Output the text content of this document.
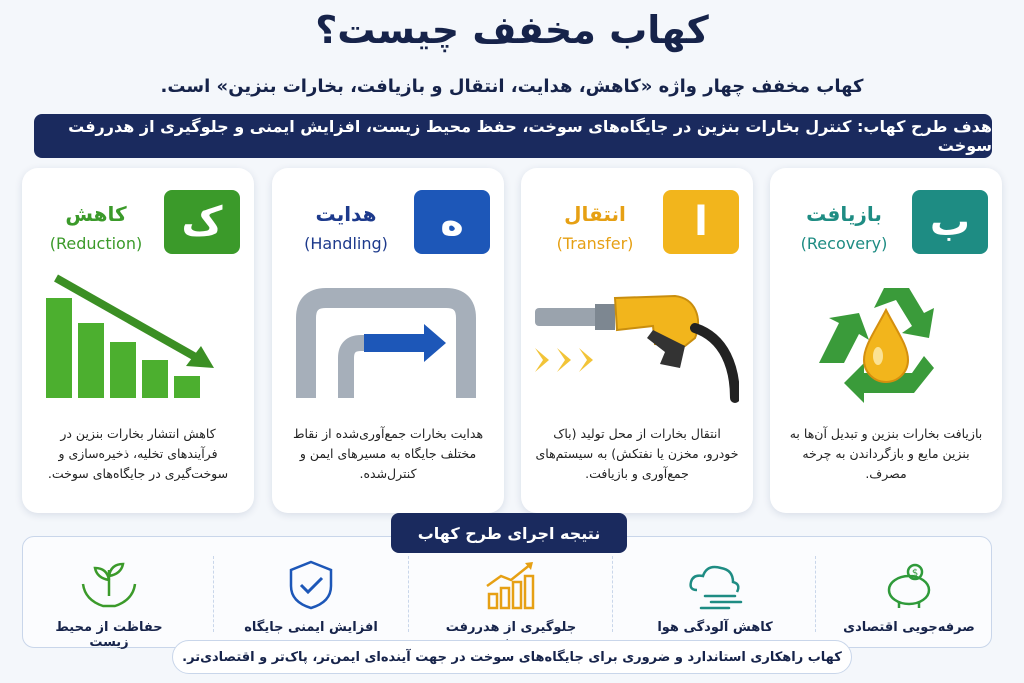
کهاب مخفف چیست؟
کهاب مخفف چهار واژه «کاهش، هدایت، انتقال و بازیافت، بخارات بنزین» است.
هدف طرح کهاب: کنترل بخارات بنزین در جایگاه‌های سوخت، حفظ محیط زیست، افزایش ایمنی و جلوگیری از هدررفت سوخت
ب
بازیافت
(Recovery)
بازیافت بخارات بنزین و تبدیل آن‌ها به بنزین مایع و بازگرداندن به چرخه مصرف.
ا
انتقال
(Transfer)
انتقال بخارات از محل تولید (باک خودرو، مخزن یا نفتکش) به سیستم‌های جمع‌آوری و بازیافت.
ه
هدایت
(Handling)
هدایت بخارات جمع‌آوری‌شده از نقاط مختلف جایگاه به مسیرهای ایمن و کنترل‌شده.
ک
کاهش
(Reduction)
کاهش انتشار بخارات بنزین در فرآیندهای تخلیه، ذخیره‌سازی و سوخت‌گیری در جایگاه‌های سوخت.
نتیجه اجرای طرح کهاب
$
صرفه‌جویی اقتصادی
کاهش آلودگی هوا
جلوگیری از هدررفت
افزایش ایمنی جایگاه
حفاظت از محیط زیست
کهاب راهکاری استاندارد و ضروری برای جایگاه‌های سوخت در جهت آینده‌ای ایمن‌تر، پاک‌تر و اقتصادی‌تر.
